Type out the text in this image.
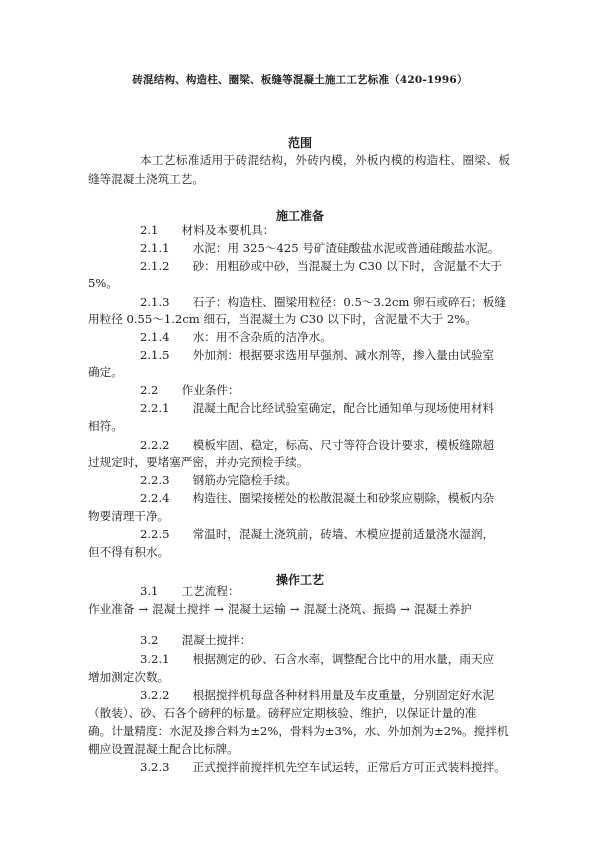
砖混结构、构造柱、圈梁、板缝等混凝土施工工艺标准（420-1996）
范围
本工艺标准适用于砖混结构，外砖内模，外板内模的构造柱、圈梁、板
缝等混凝土浇筑工艺。
施工准备
2.1　　材料及本要机具：
2.1.1　　水泥：用 325～425 号矿渣硅酸盐水泥或普通硅酸盐水泥。
2.1.2　　砂：用粗砂或中砂，当混凝土为 C30 以下时，含泥量不大于
5%。
2.1.3　　石子：构造柱、圈梁用粒径：0.5～3.2cm 卵石或碎石；板缝
用粒径 0.55～1.2cm 细石，当混凝土为 C30 以下时，含泥量不大于 2%。
2.1.4　　水：用不含杂质的洁净水。
2.1.5　　外加剂：根据要求选用早强剂、减水剂等，掺入量由试验室
确定。
2.2　　作业条件：
2.2.1　　混凝土配合比经试验室确定，配合比通知单与现场使用材料
相符。
2.2.2　　模板牢固、稳定，标高、尺寸等符合设计要求，模板缝隙超
过规定时，要堵塞严密，并办完预检手续。
2.2.3　　钢筋办完隐检手续。
2.2.4　　构造往、圈梁接槎处的松散混凝土和砂浆应剔除，模板内杂
物要清理干净。
2.2.5　　常温时，混凝土浇筑前，砖墙、木模应提前适量浇水湿润，
但不得有积水。
操作工艺
3.1　　工艺流程：
作业准备 → 混凝土搅拌 → 混凝土运输 → 混凝土浇筑、振捣 → 混凝土养护
3.2　　混凝土搅拌：
3.2.1　　根据测定的砂、石含水率，调整配合比中的用水量，雨天应
增加测定次数。
3.2.2　　根据搅拌机每盘各种材料用量及车皮重量，分别固定好水泥
（散装）、砂、石各个磅秤的标量。磅秤应定期核验、维护，以保证计量的准
确。计量精度：水泥及掺合料为±2%，骨料为±3%，水、外加剂为±2%。搅拌机
棚应设置混凝土配合比标牌。
3.2.3　　正式搅拌前搅拌机先空车试运转，正常后方可正式装料搅拌。
